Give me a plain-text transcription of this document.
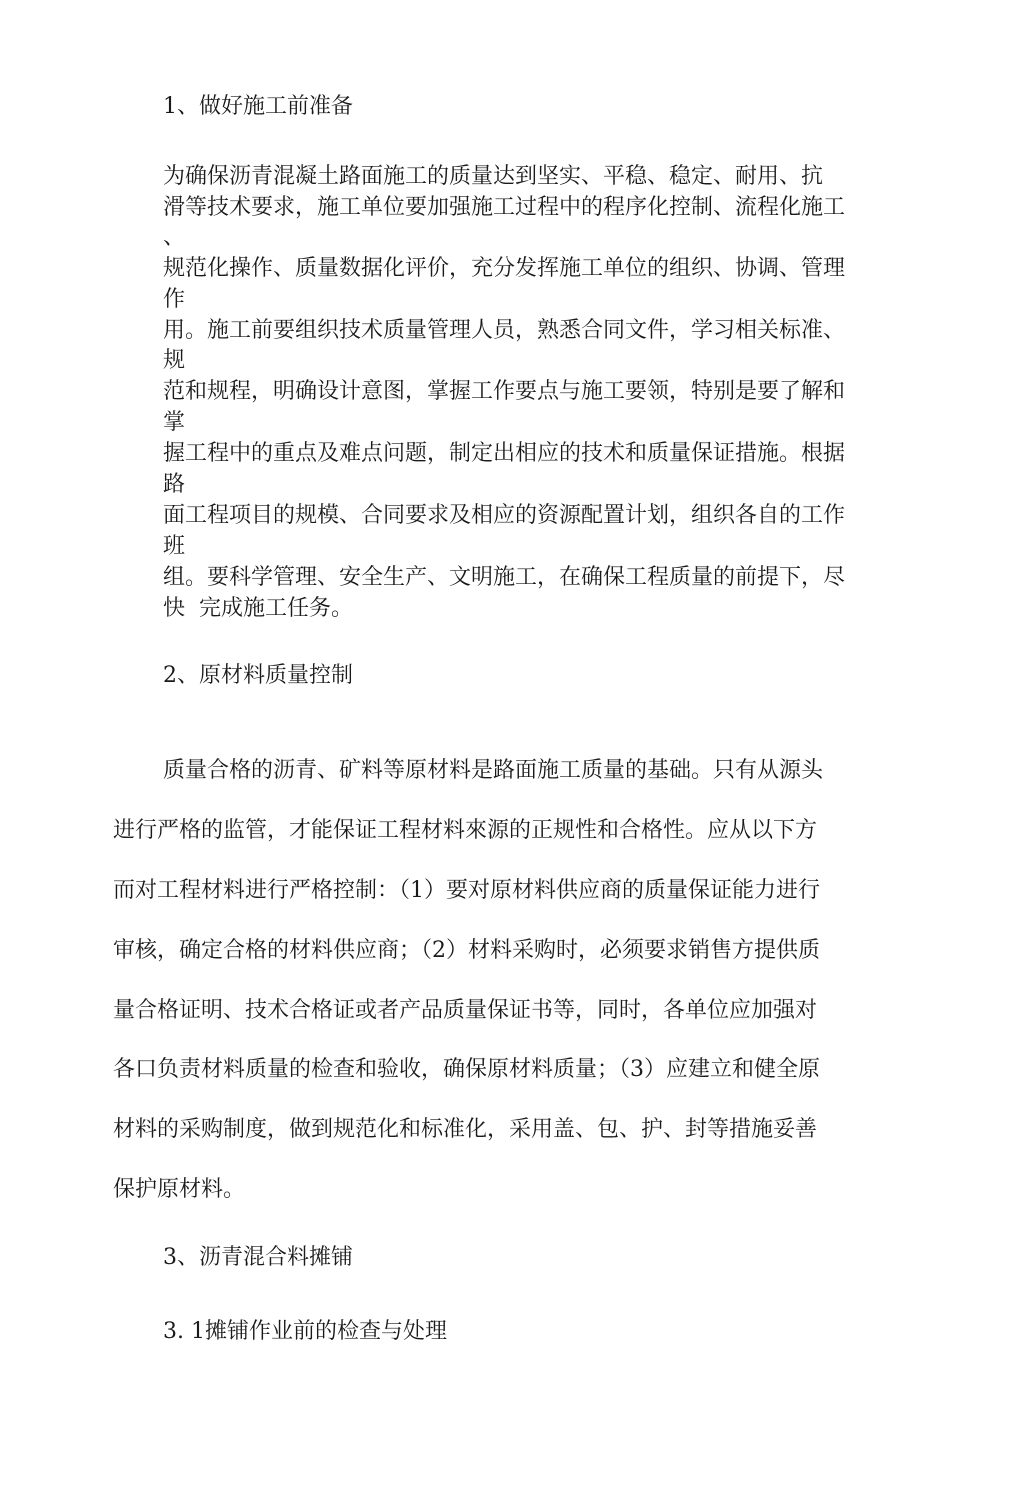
1、做好施工前准备
为确保沥青混凝土路面施工的质量达到坚实、平稳、稳定、耐用、抗
滑等技术要求，施工单位要加强施工过程中的程序化控制、流程化施工
、
规范化操作、质量数据化评价，充分发挥施工单位的组织、协调、管理
作
用。施工前要组织技术质量管理人员，熟悉合同文件，学习相关标准、
规
范和规程，明确设计意图，掌握工作要点与施工要领，特别是要了解和
掌
握工程中的重点及难点问题，制定出相应的技术和质量保证措施。根据
路
面工程项目的规模、合同要求及相应的资源配置计划，组织各自的工作
班
组。要科学管理、安全生产、文明施工，在确保工程质量的前提下，尽
快  完成施工任务。
2、原材料质量控制
质量合格的沥青、矿料等原材料是路面施工质量的基础。只有从源头
进行严格的监管，才能保证工程材料來源的正规性和合格性。应从以下方
而对工程材料进行严格控制：（1）要对原材料供应商的质量保证能力进行
审核，确定合格的材料供应商；（2）材料采购时，必须要求销售方提供质
量合格证明、技术合格证或者产品质量保证书等，同时，各单位应加强对
各口负责材料质量的检查和验收，确保原材料质量；（3）应建立和健全原
材料的采购制度，做到规范化和标准化，采用盖、包、护、封等措施妥善
保护原材料。
3、沥青混合料摊铺
3. 1摊铺作业前的检查与处理
